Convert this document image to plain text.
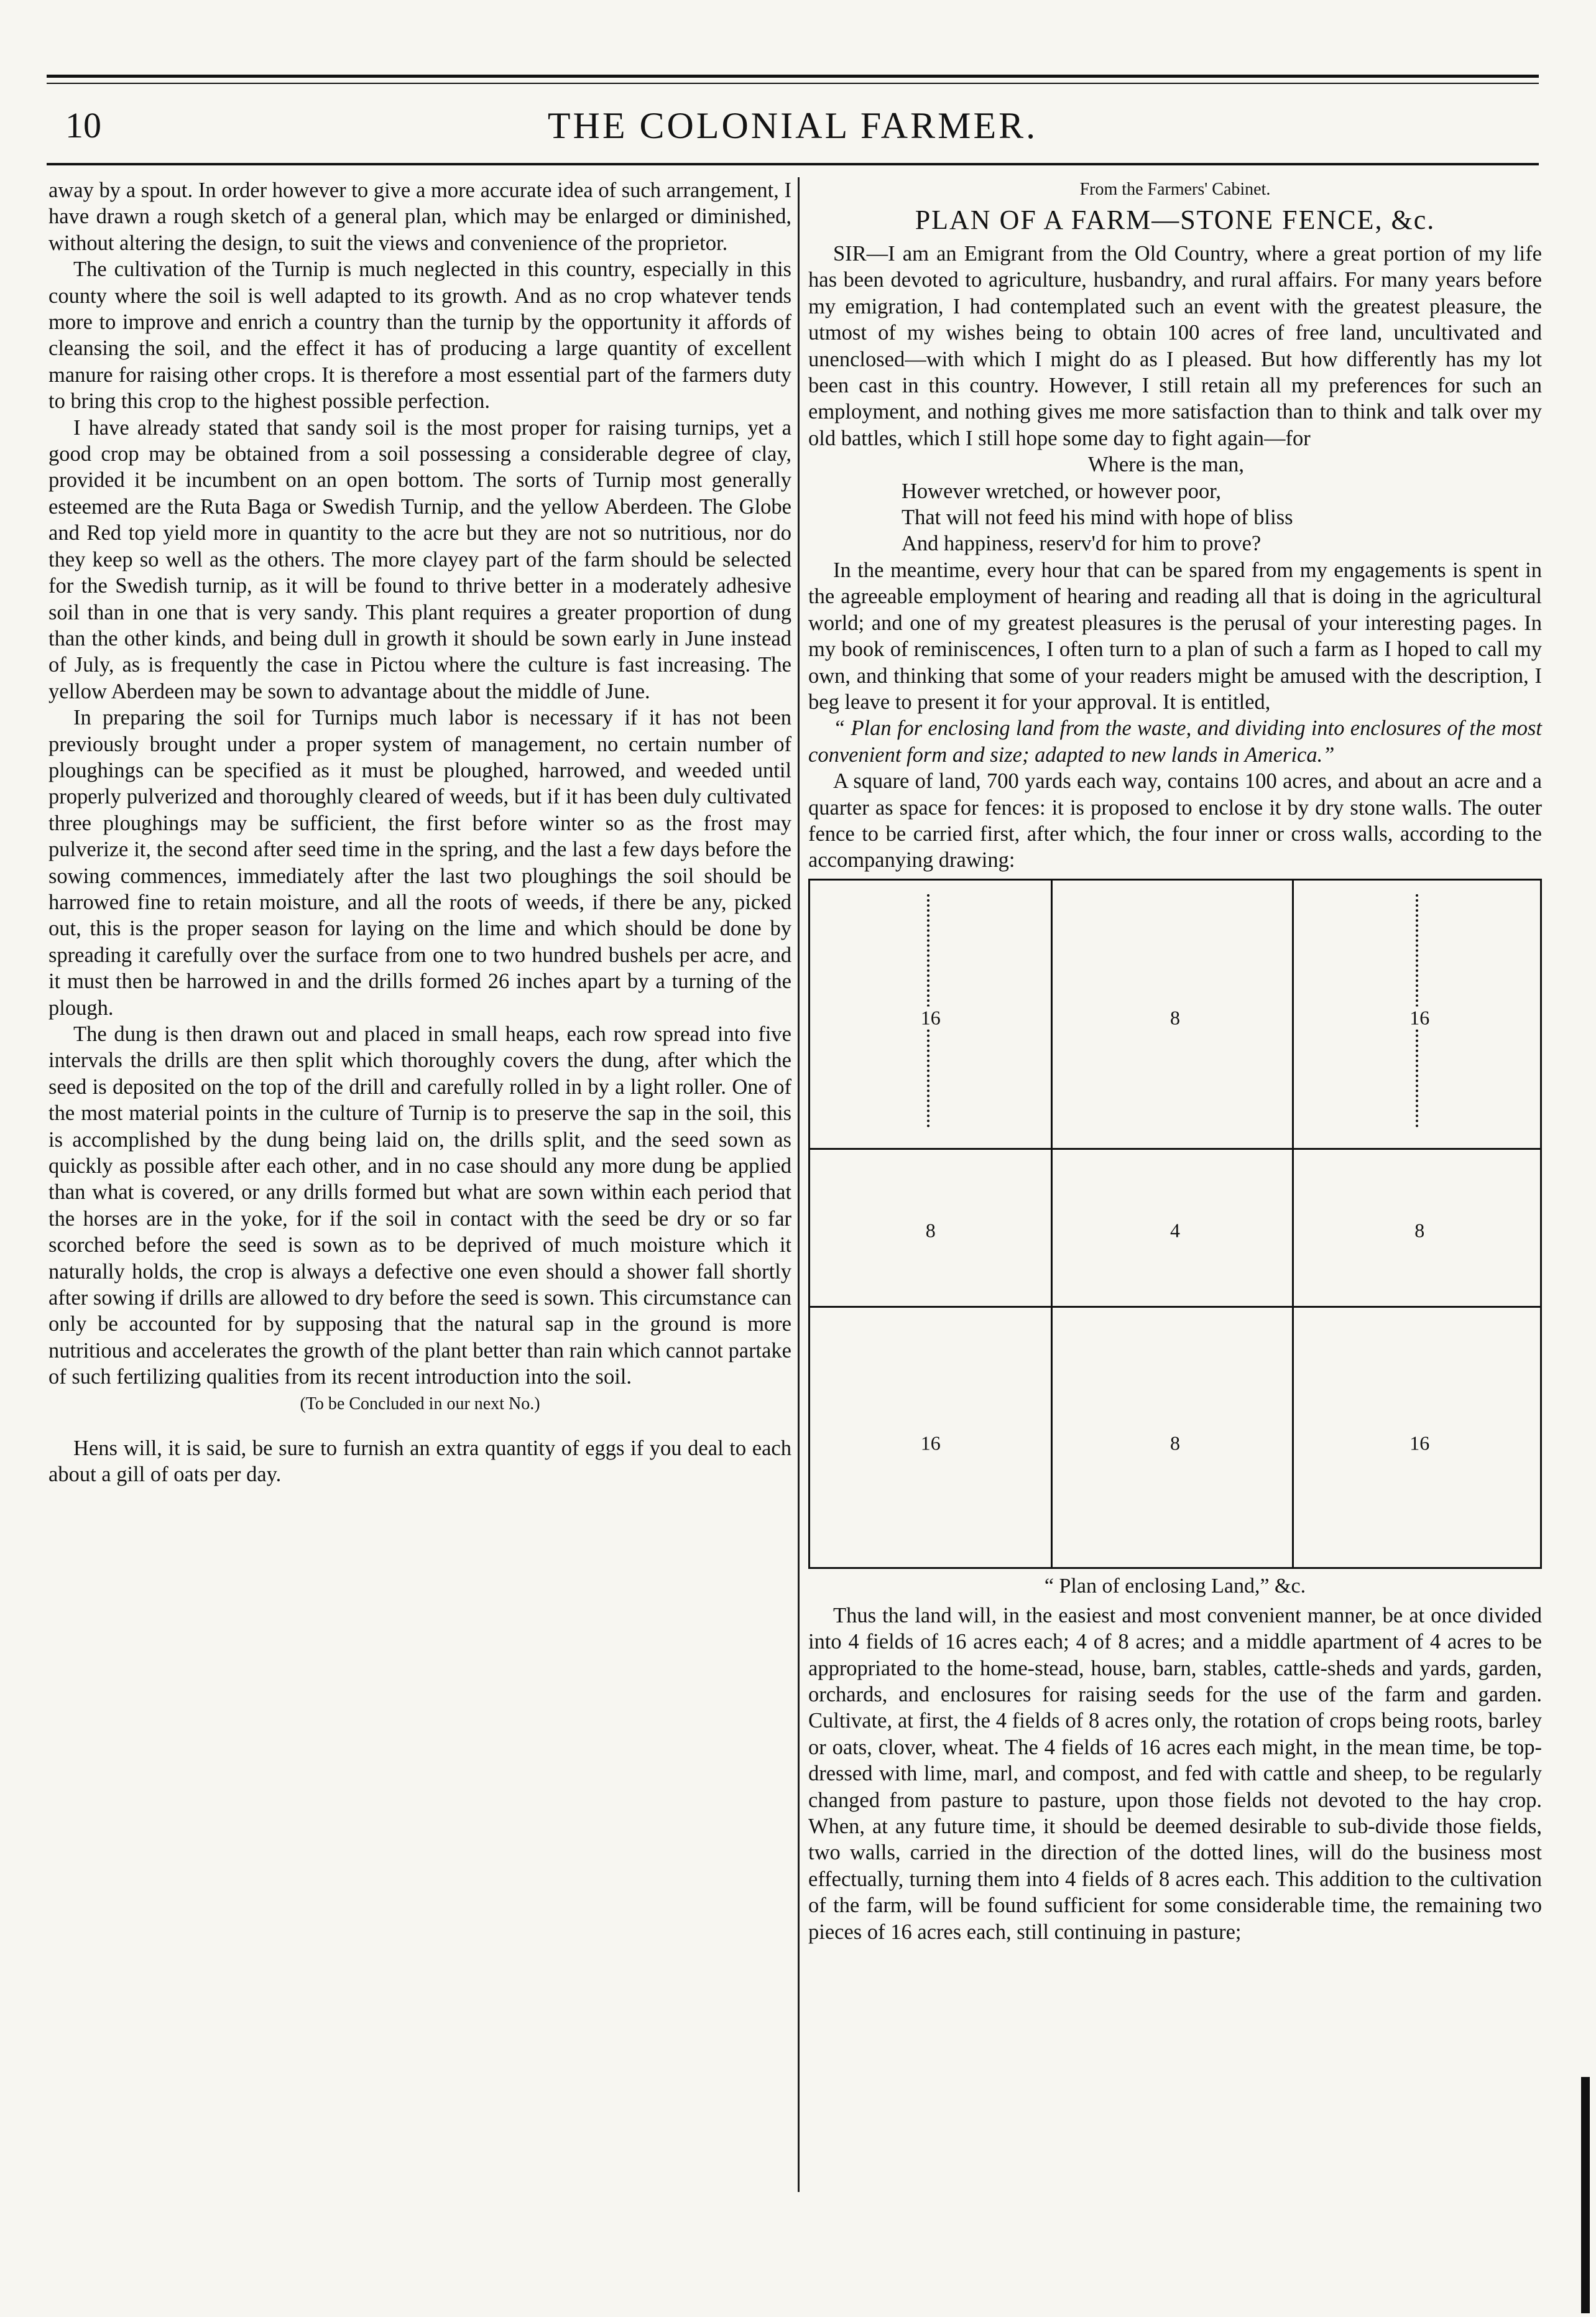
10	THE COLONIAL FARMER.

away by a spout. In order however to give a more accurate idea of such arrangement, I have drawn a rough sketch of a general plan, which may be enlarged or diminished, without altering the design, to suit the views and convenience of the proprietor.

The cultivation of the Turnip is much neglected in this country, especially in this county where the soil is well adapted to its growth. And as no crop whatever tends more to improve and enrich a country than the turnip by the opportunity it affords of cleansing the soil, and the effect it has of producing a large quantity of excellent manure for raising other crops. It is therefore a most essential part of the farmers duty to bring this crop to the highest possible perfection.

I have already stated that sandy soil is the most proper for raising turnips, yet a good crop may be obtained from a soil possessing a considerable degree of clay, provided it be incumbent on an open bottom. The sorts of Turnip most generally esteemed are the Ruta Baga or Swedish Turnip, and the yellow Aberdeen. The Globe and Red top yield more in quantity to the acre but they are not so nutritious, nor do they keep so well as the others. The more clayey part of the farm should be selected for the Swedish turnip, as it will be found to thrive better in a moderately adhesive soil than in one that is very sandy. This plant requires a greater proportion of dung than the other kinds, and being dull in growth it should be sown early in June instead of July, as is frequently the case in Pictou where the culture is fast increasing. The yellow Aberdeen may be sown to advantage about the middle of June.

In preparing the soil for Turnips much labor is necessary if it has not been previously brought under a proper system of management, no certain number of ploughings can be specified as it must be ploughed, harrowed, and weeded until properly pulverized and thoroughly cleared of weeds, but if it has been duly cultivated three ploughings may be sufficient, the first before winter so as the frost may pulverize it, the second after seed time in the spring, and the last a few days before the sowing commences, immediately after the last two ploughings the soil should be harrowed fine to retain moisture, and all the roots of weeds, if there be any, picked out, this is the proper season for laying on the lime and which should be done by spreading it carefully over the surface from one to two hundred bushels per acre, and it must then be harrowed in and the drills formed 26 inches apart by a turning of the plough.

The dung is then drawn out and placed in small heaps, each row spread into five intervals the drills are then split which thoroughly covers the dung, after which the seed is deposited on the top of the drill and carefully rolled in by a light roller. One of the most material points in the culture of Turnip is to preserve the sap in the soil, this is accomplished by the dung being laid on, the drills split, and the seed sown as quickly as possible after each other, and in no case should any more dung be applied than what is covered, or any drills formed but what are sown within each period that the horses are in the yoke, for if the soil in contact with the seed be dry or so far scorched before the seed is sown as to be deprived of much moisture which it naturally holds, the crop is always a defective one even should a shower fall shortly after sowing if drills are allowed to dry before the seed is sown. This circumstance can only be accounted for by supposing that the natural sap in the ground is more nutritious and accelerates the growth of the plant better than rain which cannot partake of such fertilizing qualities from its recent introduction into the soil.

(To be Concluded in our next No.)

Hens will, it is said, be sure to furnish an extra quantity of eggs if you deal to each about a gill of oats per day.

From the Farmers' Cabinet.
PLAN OF A FARM—STONE FENCE, &c.

SIR—I am an Emigrant from the Old Country, where a great portion of my life has been devoted to agriculture, husbandry, and rural affairs. For many years before my emigration, I had contemplated such an event with the greatest pleasure, the utmost of my wishes being to obtain 100 acres of free land, uncultivated and unenclosed—with which I might do as I pleased. But how differently has my lot been cast in this country. However, I still retain all my preferences for such an employment, and nothing gives me more satisfaction than to think and talk over my old battles, which I still hope some day to fight again—for

Where is the man,
However wretched, or however poor,
That will not feed his mind with hope of bliss
And happiness, reserv'd for him to prove?

In the meantime, every hour that can be spared from my engagements is spent in the agreeable employment of hearing and reading all that is doing in the agricultural world; and one of my greatest pleasures is the perusal of your interesting pages. In my book of reminiscences, I often turn to a plan of such a farm as I hoped to call my own, and thinking that some of your readers might be amused with the description, I beg leave to present it for your approval. It is entitled,

“ Plan for enclosing land from the waste, and dividing into enclosures of the most convenient form and size; adapted to new lands in America.”

A square of land, 700 yards each way, contains 100 acres, and about an acre and a quarter as space for fences: it is proposed to enclose it by dry stone walls. The outer fence to be carried first, after which, the four inner or cross walls, according to the accompanying drawing:

16	8	16
8	4	8
16	8	16
“ Plan of enclosing Land,” &c.

Thus the land will, in the easiest and most convenient manner, be at once divided into 4 fields of 16 acres each; 4 of 8 acres; and a middle apartment of 4 acres to be appropriated to the home-stead, house, barn, stables, cattle-sheds and yards, garden, orchards, and enclosures for raising seeds for the use of the farm and garden. Cultivate, at first, the 4 fields of 8 acres only, the rotation of crops being roots, barley or oats, clover, wheat. The 4 fields of 16 acres each might, in the mean time, be top-dressed with lime, marl, and compost, and fed with cattle and sheep, to be regularly changed from pasture to pasture, upon those fields not devoted to the hay crop. When, at any future time, it should be deemed desirable to sub-divide those fields, two walls, carried in the direction of the dotted lines, will do the business most effectually, turning them into 4 fields of 8 acres each. This addition to the cultivation of the farm, will be found sufficient for some considerable time, the remaining two pieces of 16 acres each, still continuing in pasture;
